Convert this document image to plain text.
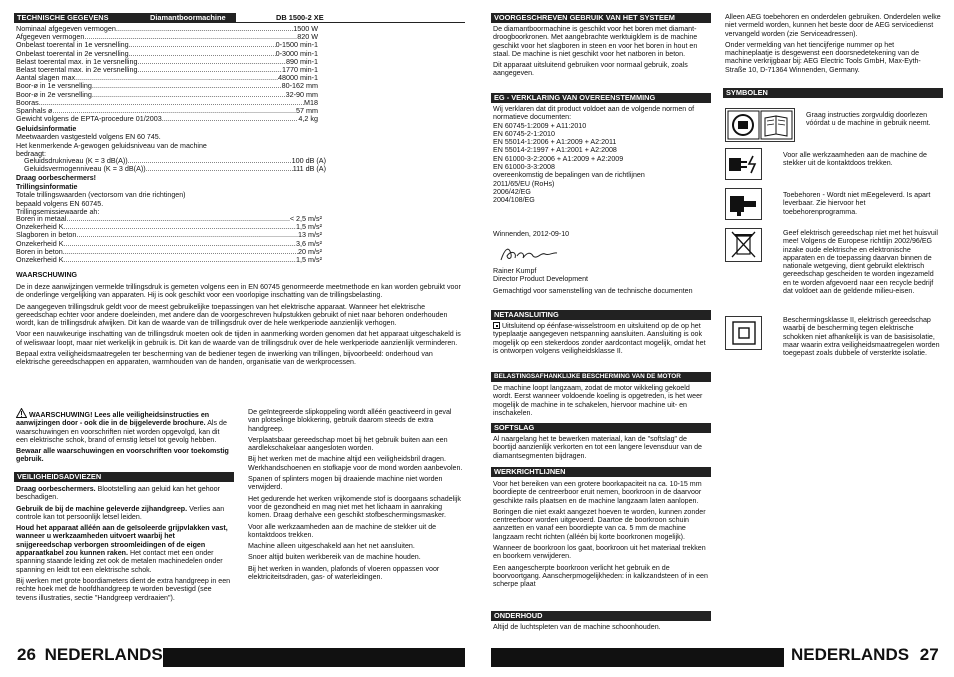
TECHNISCHE GEGEVENS	Diamantboormachine	DB 1500-2 XE
Nominaal afgegeven vermogen .....	1500 W
Afgegeven vermogen .....	820 W
Onbelast toerental in 1e versnelling .....	0-1500 min-1
Onbelast toerental in 2e versnelling .....	0-3000 min-1
Belast toerental max. in 1e versnelling .....	890 min-1
Belast toerental max. in 2e versnelling .....	1770 min-1
Aantal slagen max. .....	48000 min-1
Boor-ø in 1e versnelling .....	80-162 mm
Boor-ø in 2e versnelling .....	32-90 mm
Booras .....	M18
Spanhals ø .....	57 mm
Gewicht volgens de EPTA-procedure 01/2003 .....	4,2 kg
Geluidsinformatie
Meetwaarden vastgesteld volgens EN 60 745.
Het kenmerkende A-gewogen geluidsniveau van de machine
bedraagt:
Geluidsdrukniveau (K = 3 dB(A)) .....	100 dB (A)
Geluidsvermogenniveau (K = 3 dB(A)) .....	111 dB (A)
Draag oorbeschermers!
Trillingsinformatie
Totale trillingswaarden (vectorsom van drie richtingen)
bepaald volgens EN 60745.
Trillingsemissiewaarde ah:
Boren in metaal .....	< 2,5 m/s²
Onzekerheid K .....	1,5 m/s²
Slagboren in beton .....	13 m/s²
Onzekerheid K .....	3,6 m/s²
Boren in beton .....	20 m/s²
Onzekerheid K .....	1,5 m/s²
WAARSCHUWING

De in deze aanwijzingen vermelde trillingsdruk is gemeten volgens een in EN 60745 genormeerde meetmethode en kan worden gebruikt voor de onderlinge vergelijking van apparaten. Hij is ook geschikt voor een voorlopige inschatting van de trillingsbelasting.

De aangegeven trillingsdruk geldt voor de meest gebruikelijke toepassingen van het elektrische apparaat. Wanneer het elektrische gereedschap echter voor andere doeleinden, met andere dan de voorgeschreven hulpstukken gebruikt of niet naar behoren onderhouden wordt, kan de trillingsdruk afwijken. Dit kan de waarde van de trillingsdruk over de hele werkperiode aanzienlijk verhogen.

Voor een nauwkeurige inschatting van de trillingsdruk moeten ook de tijden in aanmerking worden genomen dat het apparaat uitgeschakeld is of weliswaar loopt, maar niet werkelijk in gebruik is. Dit kan de waarde van de trillingsdruk over de hele werkperiode aanzienlijk verminderen.

Bepaal extra veiligheidsmaatregelen ter bescherming van de bediener tegen de inwerking van trillingen, bijvoorbeeld: onderhoud van elektrische gereedschappen en apparaten, warmhouden van de handen, organisatie van de werkprocessen.

WAARSCHUWING! Lees alle veiligheidsinstructies en aanwijzingen door - ook die in de bijgeleverde brochure. Als de waarschuwingen en voorschriften niet worden opgevolgd, kan dit een elektrische schok, brand of ernstig letsel tot gevolg hebben.

Bewaar alle waarschuwingen en voorschriften voor toekomstig gebruik.

VEILIGHEIDSADVIEZEN

Draag oorbeschermers. Blootstelling aan geluid kan het gehoor beschadigen.

Gebruik de bij de machine geleverde zijhandgreep. Verlies aan controle kan tot persoonlijk letsel leiden.

Houd het apparaat alléén aan de geïsoleerde grijpvlakken vast, wanneer u werkzaamheden uitvoert waarbij het snijgereedschap verborgen stroomleidingen of de eigen apparaatkabel zou kunnen raken. Het contact met een onder spanning staande leiding zet ook de metalen machinedelen onder spanning en leidt tot een elektrische schok.

Bij werken met grote boordiameters dient de extra handgreep in een rechte hoek met de hoofdhandgreep te worden bevestigd (see tevens illustraties, sectie "Handgreep verdraaien").

De geïntegreerde slipkoppeling wordt alléén geactiveerd in geval van plotselinge blokkering, gebruik daarom steeds de extra handgreep.

Verplaatsbaar gereedschap moet bij het gebruik buiten aan een aardlekschakelaar aangesloten worden.

Bij het werken met de machine altijd een veiligheidsbril dragen. Werkhandschoenen en stofkapje voor de mond worden aanbevolen.

Spanen of splinters mogen bij draaiende machine niet worden verwijderd.

Het gedurende het werken vrijkomende stof is doorgaans schadelijk voor de gezondheid en mag niet met het lichaam in aanraking komen. Draag derhalve een geschikt stofbeschermingsmasker.

Voor alle werkzaamheden aan de machine de stekker uit de kontaktdoos trekken.

Machine alleen uitgeschakeld aan het net aansluiten.

Snoer altijd buiten werkbereik van de machine houden.

Bij het werken in wanden, plafonds of vloeren oppassen voor elektriciteitsdraden, gas- of waterleidingen.

26 NEDERLANDS
VOORGESCHREVEN GEBRUIK VAN HET SYSTEEM

De diamantboormachine is geschikt voor het boren met diamant-droogboorkronen. Met aangebrachte werktuigklem is de machine geschikt voor het slagboren in steen en voor het boren in hout en staal. De machine is niet geschikt voor het natboren in beton.

Dit apparaat uitsluitend gebruiken voor normaal gebruik, zoals aangegeven.

EG - VERKLARING VAN OVEREENSTEMMING
Wij verklaren dat dit product voldoet aan de volgende normen of normatieve documenten:
EN 60745-1:2009 + A11:2010
EN 60745-2-1:2010
EN 55014-1:2006 + A1:2009 + A2:2011
EN 55014-2:1997 + A1:2001 + A2:2008
EN 61000-3-2:2006 + A1:2009 + A2:2009
EN 61000-3-3:2008
overeenkomstig de bepalingen van de richtlijnen
2011/65/EU (RoHs)
2006/42/EG
2004/108/EG
Winnenden, 2012-09-10
Rainer Kumpf
Director Product Development
Gemachtigd voor samenstelling van de technische documenten
NETAANSLUITING
Uitsluitend op éénfase-wisselstroom en uitsluitend op de op het typeplaatje aangegeven netspanning aansluiten. Aansluiting is ook mogelijk op een stekerdoos zonder aardcontact mogelijk, omdat het is ontworpen volgens veiligheidsklasse II.
BELASTINGSAFHANKLIJKE BESCHERMING VAN DE MOTOR
De machine loopt langzaam, zodat de motor wikkeling gekoeld wordt. Eerst wanneer voldoende koeling is opgetreden, is het weer mogelijk de machine in te schakelen, hiervoor machine uit- en inschakelen.
SOFTSLAG
Al naargelang het te bewerken materiaal, kan de "softslag" de boortijd aanzienlijk verkorten en tot een langere levensduur van de diamantsegmenten bijdragen.
WERKRICHTLIJNEN

Voor het bereiken van een grotere boorkapaciteit na ca. 10-15 mm boordiepte de centreerboor eruit nemen, boorkroon in de daarvoor geschikte rails plaatsen en de machine langzaam laten aanlopen.

Boringen die niet exakt aangezet hoeven te worden, kunnen zonder centreerboor worden uitgevoerd. Daartoe de boorkroon schuin aanzetten en vanaf een boordiepte van ca. 5 mm de machine langzaam recht richten (alléén bij korte boorkronen mogelijk).

Wanneer de boorkroon los gaat, boorkroon uit het materiaal trekken en boorkern verwijderen.

Een aangescherpte boorkroon verlicht het gebruik en de boorvoortgang. Aanscherpmogelijkheden: in kalkzandsteen of in een scherpe plaat

ONDERHOUD
Altijd de luchtspleten van de machine schoonhouden.

Alleen AEG toebehoren en onderdelen gebruiken. Onderdelen welke niet vermeld worden, kunnen het beste door de AEG servicedienst vervangeld worden (zie Serviceadressen).

Onder vermelding van het tiencijferige nummer op het machineplaatje is desgewenst een doorsnedetekening van de machine verkrijgbaar bij: AEG Electric Tools GmbH, Max-Eyth-Straße 10, D-71364 Winnenden, Germany.

SYMBOLEN
Graag instructies zorgvuldig doorlezen vóórdat u de machine in gebruik neemt.
Voor alle werkzaamheden aan de machine de stekker uit de kontaktdoos trekken.
Toebehoren - Wordt niet mEegeleverd. Is apart leverbaar. Zie hiervoor het toebehorenprogramma.
Geef elektrisch gereedschap niet met het huisvuil mee! Volgens de Europese richtlijn 2002/96/EG inzake oude elektrische en elektronische apparaten en de toepassing daarvan binnen de nationale wetgeving, dient gebruikt elektrisch gereedschap gescheiden te worden ingezameld en te worden afgevoerd naar een recycle bedrijf dat voldoet aan de geldende milieu-eisen.
Beschermingsklasse II, elektrisch gereedschap waarbij de bescherming tegen elektrische schokken niet afhankelijk is van de basisisolatie, maar waarin extra veiligheidsmaatregelen worden toegepast zoals dubbele of versterkte isolatie.
NEDERLANDS 27
